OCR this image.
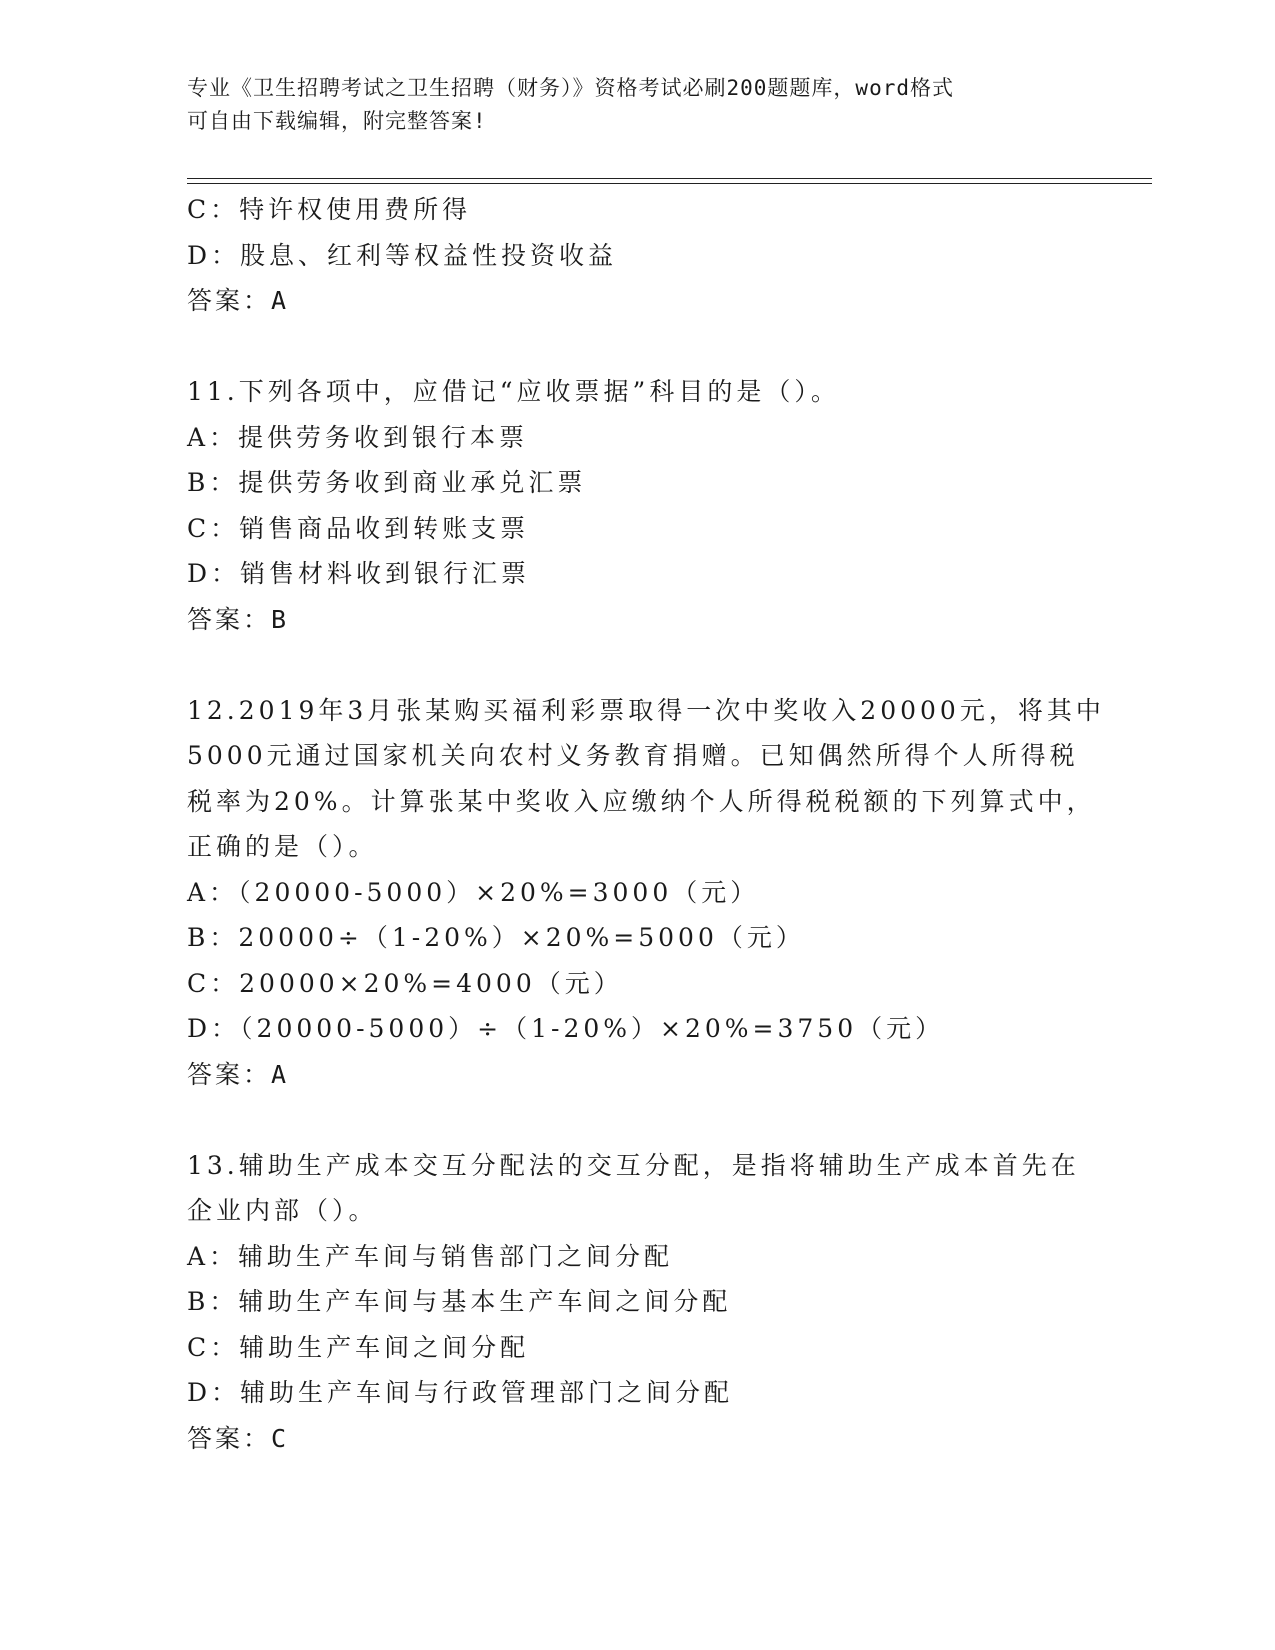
专业《卫生招聘考试之卫生招聘（财务）》资格考试必刷200题题库，word格式
可自由下载编辑，附完整答案!
C：特许权使用费所得
D：股息、红利等权益性投资收益
答案：A
11.下列各项中，应借记“应收票据”科目的是（）。
A：提供劳务收到银行本票
B：提供劳务收到商业承兑汇票
C：销售商品收到转账支票
D：销售材料收到银行汇票
答案：B
12.2019年3月张某购买福利彩票取得一次中奖收入20000元，将其中
5000元通过国家机关向农村义务教育捐赠。已知偶然所得个人所得税
税率为20%。计算张某中奖收入应缴纳个人所得税税额的下列算式中，
正确的是（）。
A：（20000-5000）×20%=3000（元）
B：20000÷（1-20%）×20%=5000（元）
C：20000×20%=4000（元）
D：（20000-5000）÷（1-20%）×20%=3750（元）
答案：A
13.辅助生产成本交互分配法的交互分配，是指将辅助生产成本首先在
企业内部（）。
A：辅助生产车间与销售部门之间分配
B：辅助生产车间与基本生产车间之间分配
C：辅助生产车间之间分配
D：辅助生产车间与行政管理部门之间分配
答案：C
